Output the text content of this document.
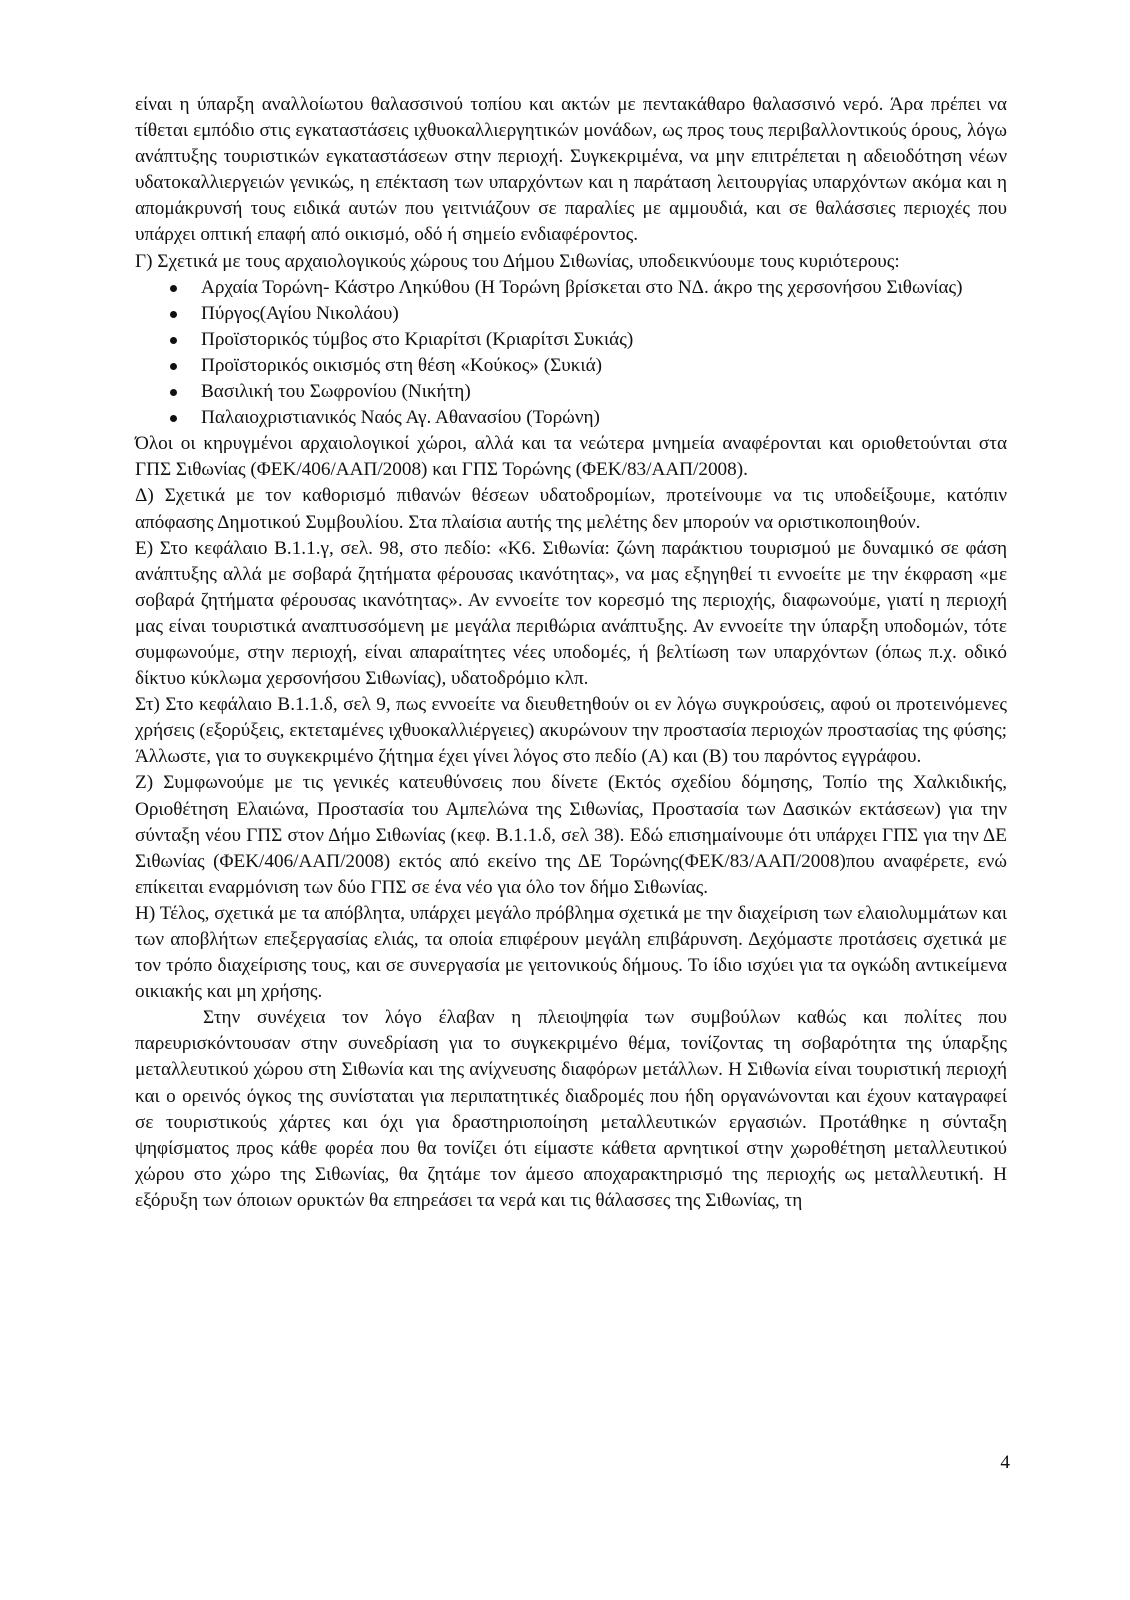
είναι η ύπαρξη αναλλοίωτου θαλασσινού τοπίου και ακτών με πεντακάθαρο θαλασσινό νερό. Άρα πρέπει να τίθεται εμπόδιο στις εγκαταστάσεις ιχθυοκαλλιεργητικών μονάδων, ως προς τους περιβαλλοντικούς όρους, λόγω ανάπτυξης τουριστικών εγκαταστάσεων στην περιοχή. Συγκεκριμένα, να μην επιτρέπεται η αδειοδότηση νέων υδατοκαλλιεργειών γενικώς, η επέκταση των υπαρχόντων και η παράταση λειτουργίας υπαρχόντων ακόμα και η απομάκρυνσή τους ειδικά αυτών που γειτνιάζουν σε παραλίες με αμμουδιά, και σε θαλάσσιες περιοχές που υπάρχει οπτική επαφή από οικισμό, οδό ή σημείο ενδιαφέροντος.

Γ) Σχετικά με τους αρχαιολογικούς χώρους του Δήμου Σιθωνίας, υποδεικνύουμε τους κυριότερους:

Αρχαία Τορώνη- Κάστρο Ληκύθου (Η Τορώνη βρίσκεται στο ΝΔ. άκρο της χερσονήσου Σιθωνίας)
Πύργος(Αγίου Νικολάου)
Προϊστορικός τύμβος στο Κριαρίτσι (Κριαρίτσι Συκιάς)
Προϊστορικός οικισμός στη θέση «Κούκος» (Συκιά)
Βασιλική του Σωφρονίου (Νικήτη)
Παλαιοχριστιανικός Ναός Αγ. Αθανασίου (Τορώνη)

Όλοι οι κηρυγμένοι αρχαιολογικοί χώροι, αλλά και τα νεώτερα μνημεία αναφέρονται και οριοθετούνται στα ΓΠΣ Σιθωνίας (ΦΕΚ/406/ΑΑΠ/2008) και ΓΠΣ Τορώνης (ΦΕΚ/83/ΑΑΠ/2008).

Δ) Σχετικά με τον καθορισμό πιθανών θέσεων υδατοδρομίων, προτείνουμε να τις υποδείξουμε, κατόπιν απόφασης Δημοτικού Συμβουλίου. Στα πλαίσια αυτής της μελέτης δεν μπορούν να οριστικοποιηθούν.

Ε) Στο κεφάλαιο Β.1.1.γ, σελ. 98, στο πεδίο: «Κ6. Σιθωνία: ζώνη παράκτιου τουρισμού με δυναμικό σε φάση ανάπτυξης αλλά με σοβαρά ζητήματα φέρουσας ικανότητας», να μας εξηγηθεί τι εννοείτε με την έκφραση «με σοβαρά ζητήματα φέρουσας ικανότητας». Αν εννοείτε τον κορεσμό της περιοχής, διαφωνούμε, γιατί η περιοχή μας είναι τουριστικά αναπτυσσόμενη με μεγάλα περιθώρια ανάπτυξης. Αν εννοείτε την ύπαρξη υποδομών, τότε συμφωνούμε, στην περιοχή, είναι απαραίτητες νέες υποδομές, ή βελτίωση των υπαρχόντων (όπως π.χ. οδικό δίκτυο κύκλωμα χερσονήσου Σιθωνίας), υδατοδρόμιο κλπ.

Στ) Στο κεφάλαιο Β.1.1.δ, σελ 9, πως εννοείτε να διευθετηθούν οι εν λόγω συγκρούσεις, αφού οι προτεινόμενες χρήσεις (εξορύξεις, εκτεταμένες ιχθυοκαλλιέργειες) ακυρώνουν την προστασία περιοχών προστασίας της φύσης; Άλλωστε, για το συγκεκριμένο ζήτημα έχει γίνει λόγος στο πεδίο (Α) και (Β) του παρόντος εγγράφου.

Ζ) Συμφωνούμε με τις γενικές κατευθύνσεις που δίνετε (Εκτός σχεδίου δόμησης, Τοπίο της Χαλκιδικής, Οριοθέτηση Ελαιώνα, Προστασία του Αμπελώνα της Σιθωνίας, Προστασία των Δασικών εκτάσεων) για την σύνταξη νέου ΓΠΣ στον Δήμο Σιθωνίας (κεφ. Β.1.1.δ, σελ 38). Εδώ επισημαίνουμε ότι υπάρχει ΓΠΣ για την ΔΕ Σιθωνίας (ΦΕΚ/406/ΑΑΠ/2008) εκτός από εκείνο της ΔΕ Τορώνης(ΦΕΚ/83/ΑΑΠ/2008)που αναφέρετε, ενώ επίκειται εναρμόνιση των δύο ΓΠΣ σε ένα νέο για όλο τον δήμο Σιθωνίας.

Η) Τέλος, σχετικά με τα απόβλητα, υπάρχει μεγάλο πρόβλημα σχετικά με την διαχείριση των ελαιολυμμάτων και των αποβλήτων επεξεργασίας ελιάς, τα οποία επιφέρουν μεγάλη επιβάρυνση. Δεχόμαστε προτάσεις σχετικά με τον τρόπο διαχείρισης τους, και σε συνεργασία με γειτονικούς δήμους. Το ίδιο ισχύει για τα ογκώδη αντικείμενα οικιακής και μη χρήσης.

Στην συνέχεια τον λόγο έλαβαν η πλειοψηφία των συμβούλων καθώς και πολίτες που παρευρισκόντουσαν στην συνεδρίαση για το συγκεκριμένο θέμα, τονίζοντας τη σοβαρότητα της ύπαρξης μεταλλευτικού χώρου στη Σιθωνία και της ανίχνευσης διαφόρων μετάλλων. Η Σιθωνία είναι τουριστική περιοχή και ο ορεινός όγκος της συνίσταται για περιπατητικές διαδρομές που ήδη οργανώνονται και έχουν καταγραφεί σε τουριστικούς χάρτες και όχι για δραστηριοποίηση μεταλλευτικών εργασιών. Προτάθηκε η σύνταξη ψηφίσματος προς κάθε φορέα που θα τονίζει ότι είμαστε κάθετα αρνητικοί στην χωροθέτηση μεταλλευτικού χώρου στο χώρο της Σιθωνίας, θα ζητάμε τον άμεσο αποχαρακτηρισμό της περιοχής ως μεταλλευτική. Η εξόρυξη των όποιων ορυκτών θα επηρεάσει τα νερά και τις θάλασσες της Σιθωνίας, τη

4
